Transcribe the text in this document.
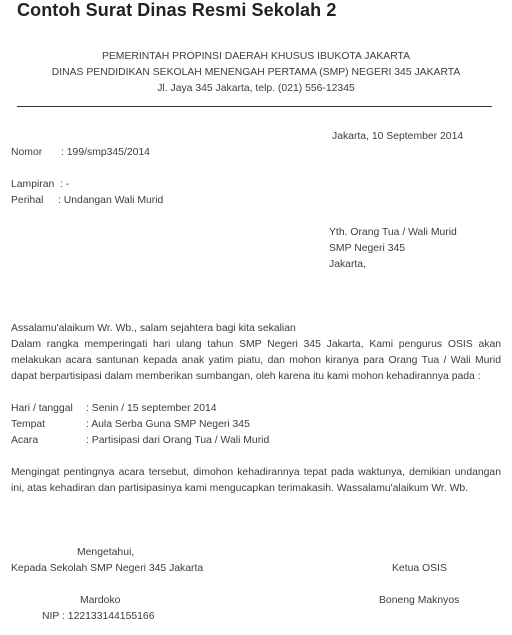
Contoh Surat Dinas Resmi Sekolah 2
PEMERINTAH PROPINSI DAERAH KHUSUS IBUKOTA JAKARTA
DINAS PENDIDIKAN SEKOLAH MENENGAH PERTAMA (SMP) NEGERI 345 JAKARTA
Jl. Jaya 345 Jakarta, telp. (021) 556-12345
Jakarta, 10 September 2014
Nomor : 199/smp345/2014
Lampiran : -
Perihal : Undangan Wali Murid
Yth. Orang Tua / Wali Murid
SMP Negeri 345
Jakarta,
Assalamu'alaikum Wr. Wb., salam sejahtera bagi kita sekalian
Dalam rangka memperingati hari ulang tahun SMP Negeri 345 Jakarta, Kami pengurus OSIS akan
melakukan acara santunan kepada anak yatim piatu, dan mohon kiranya para Orang Tua / Wali Murid
dapat berpartisipasi dalam memberikan sumbangan, oleh karena itu kami mohon kehadirannya pada :
Hari / tanggal : Senin / 15 september 2014
Tempat	: Aula Serba Guna SMP Negeri 345
Acara	: Partisipasi dari Orang Tua / Wali Murid
Mengingat pentingnya acara tersebut, dimohon kehadirannya tepat pada waktunya, demikian undangan
ini, atas kehadiran dan partisipasinya kami mengucapkan terimakasih. Wassalamu'alaikum Wr. Wb.
Mengetahui,
Kepada Sekolah SMP Negeri 345 Jakarta	Ketua OSIS
Mardoko	Boneng Maknyos
NIP : 122133144155166
